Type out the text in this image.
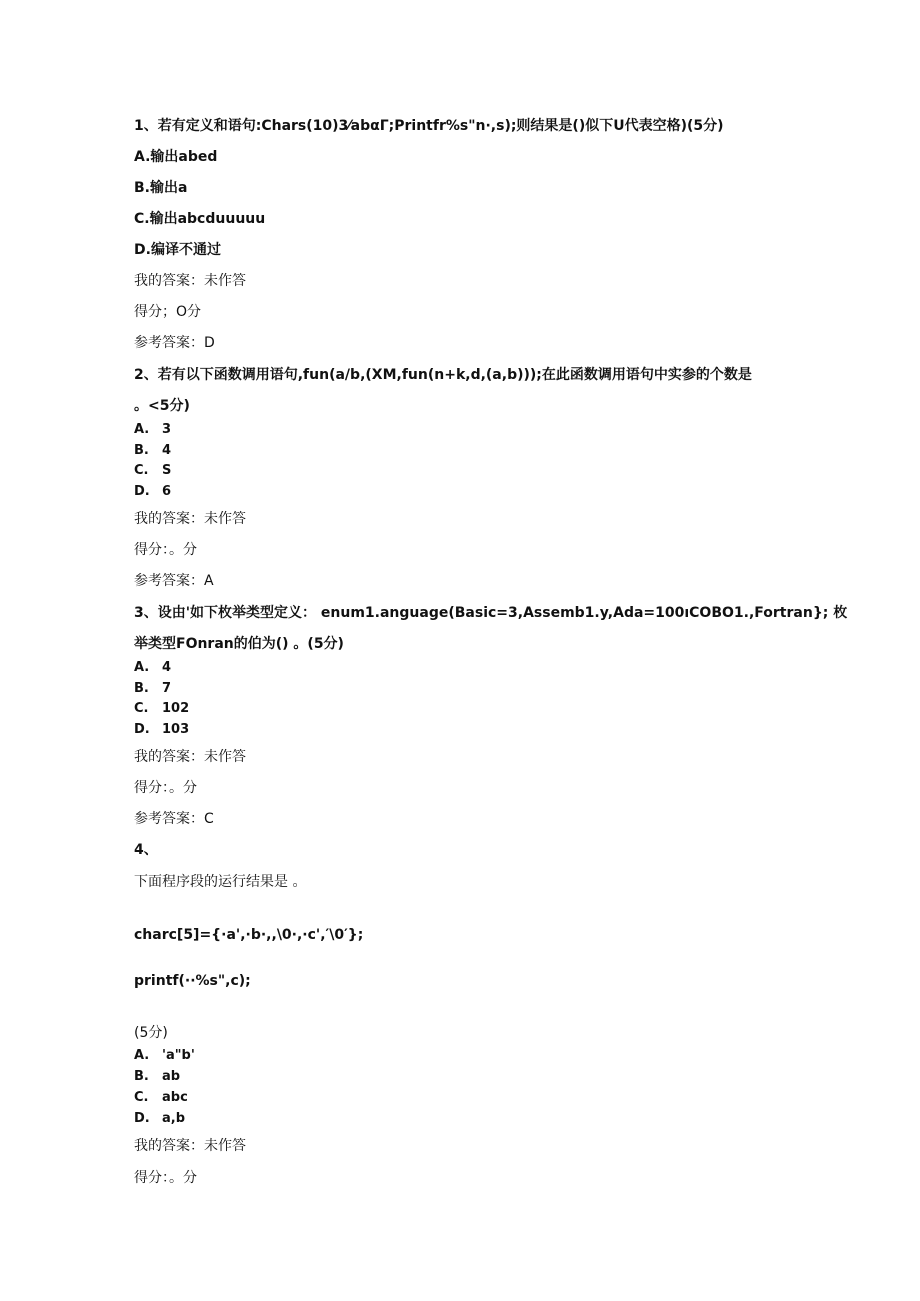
1、若有定义和语句:Chars(10)3⁄abαΓ;Printfr%s"n·,s);则结果是()似下U代表空格)(5分)
A.输出abed
B.输出a
C.输出abcduuuuu
D.编译不通过
我的答案：未作答
得分；O分
参考答案：D
2、若有以下函数调用语句,fun(a/b,(XM,fun(n+k,d,(a,b)));在此函数调用语句中实参的个数是
。<5分)
A. 3
B. 4
C. S
D. 6
我的答案：未作答
得分：。分
参考答案：A
3、设由'如下枚举类型定义： enum1.anguage(Basic=3,Assemb1.y,Ada=100ıCOBO1.,Fortran}; 枚
举类型FOnran的伯为() 。(5分)
A. 4
B. 7
C. 102
D. 103
我的答案：未作答
得分：。分
参考答案：C
4、
下面程序段的运行结果是 。
charc[5]={·a',·b·,,\0·,·c',′\0′};
printf(··%s",c);
(5分)
A. 'a"b'
B. ab
C. abc
D. a,b
我的答案：未作答
得分：。分
